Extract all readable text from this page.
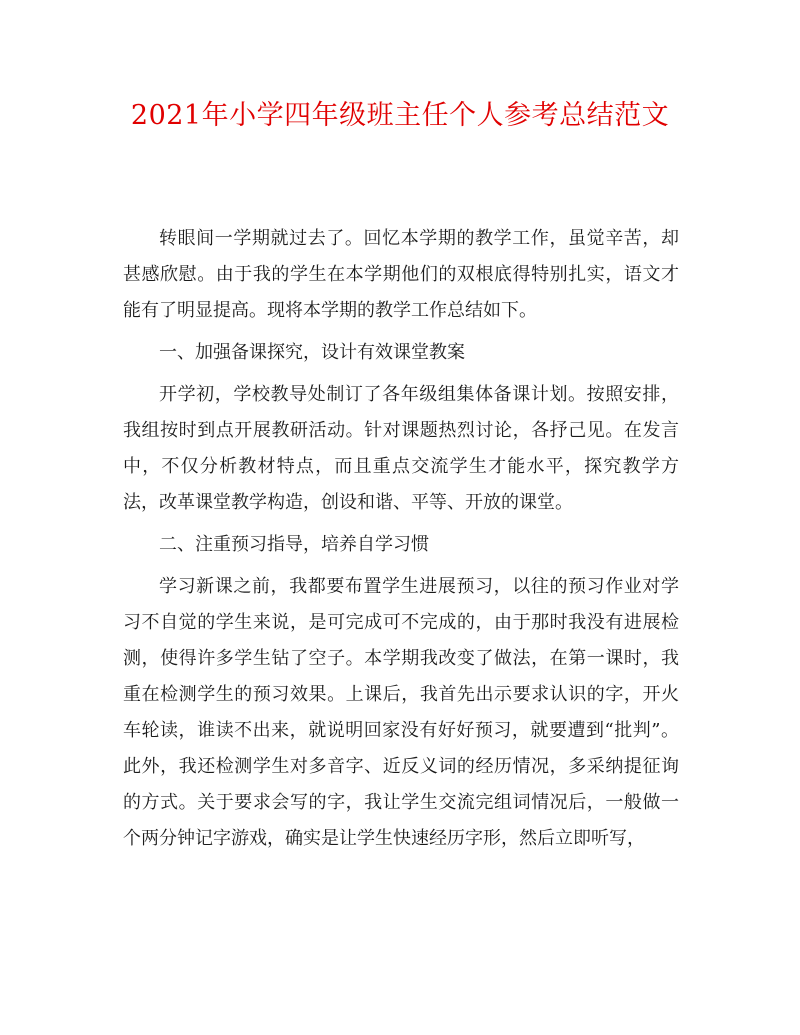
2021年小学四年级班主任个人参考总结范文

转眼间一学期就过去了。回忆本学期的教学工作，虽觉辛苦，却甚感欣慰。由于我的学生在本学期他们的双根底得特别扎实，语文才能有了明显提高。现将本学期的教学工作总结如下。

一、加强备课探究，设计有效课堂教案

开学初，学校教导处制订了各年级组集体备课计划。按照安排，我组按时到点开展教研活动。针对课题热烈讨论，各抒己见。在发言中，不仅分析教材特点，而且重点交流学生才能水平，探究教学方法，改革课堂教学构造，创设和谐、平等、开放的课堂。

二、注重预习指导，培养自学习惯

学习新课之前，我都要布置学生进展预习，以往的预习作业对学习不自觉的学生来说，是可完成可不完成的，由于那时我没有进展检测，使得许多学生钻了空子。本学期我改变了做法，在第一课时，我重在检测学生的预习效果。上课后，我首先出示要求认识的字，开火车轮读，谁读不出来，就说明回家没有好好预习，就要遭到“批判”。此外，我还检测学生对多音字、近反义词的经历情况，多采纳提征询的方式。关于要求会写的字，我让学生交流完组词情况后，一般做一个两分钟记字游戏，确实是让学生快速经历字形，然后立即听写，
